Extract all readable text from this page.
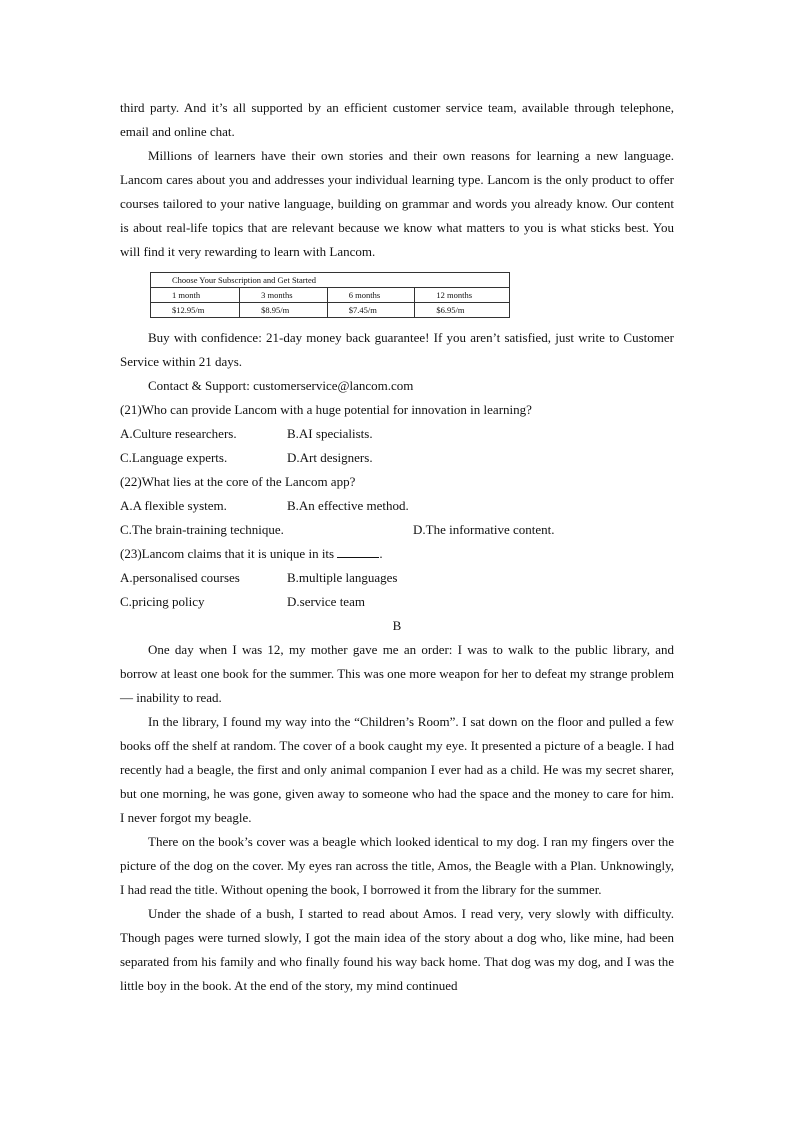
third party. And it’s all supported by an efficient customer service team, available through telephone, email and online chat.

Millions of learners have their own stories and their own reasons for learning a new language. Lancom cares about you and addresses your individual learning type. Lancom is the only product to offer courses tailored to your native language, building on grammar and words you already know. Our content is about real-life topics that are relevant because we know what matters to you is what sticks best. You will find it very rewarding to learn with Lancom.

Choose Your Subscription and Get Started			
1 month	3 months	6 months	12 months
$12.95/m	$8.95/m	$7.45/m	$6.95/m

Buy with confidence: 21-day money back guarantee! If you aren’t satisfied, just write to Customer Service within 21 days.

Contact & Support: customerservice@lancom.com

(21)Who can provide Lancom with a huge potential for innovation in learning?

A.Culture researchers.	B.AI specialists.
C.Language experts.	D.Art designers.

(22)What lies at the core of the Lancom app?

A.A flexible system.	B.An effective method.
C.The brain-training technique.	D.The informative content.

(23)Lancom claims that it is unique in its	.

A.personalised courses	B.multiple languages
C.pricing policy	D.service team

B

One day when I was 12, my mother gave me an order: I was to walk to the public library, and borrow at least one book for the summer. This was one more weapon for her to defeat my strange problem — inability to read.

In the library, I found my way into the “Children’s Room”. I sat down on the floor and pulled a few books off the shelf at random. The cover of a book caught my eye. It presented a picture of a beagle. I had recently had a beagle, the first and only animal companion I ever had as a child. He was my secret sharer, but one morning, he was gone, given away to someone who had the space and the money to care for him. I never forgot my beagle.

There on the book’s cover was a beagle which looked identical to my dog. I ran my fingers over the picture of the dog on the cover. My eyes ran across the title, Amos, the Beagle with a Plan. Unknowingly, I had read the title. Without opening the book, I borrowed it from the library for the summer.

Under the shade of a bush, I started to read about Amos. I read very, very slowly with difficulty. Though pages were turned slowly, I got the main idea of the story about a dog who, like mine, had been separated from his family and who finally found his way back home. That dog was my dog, and I was the little boy in the book. At the end of the story, my mind continued
